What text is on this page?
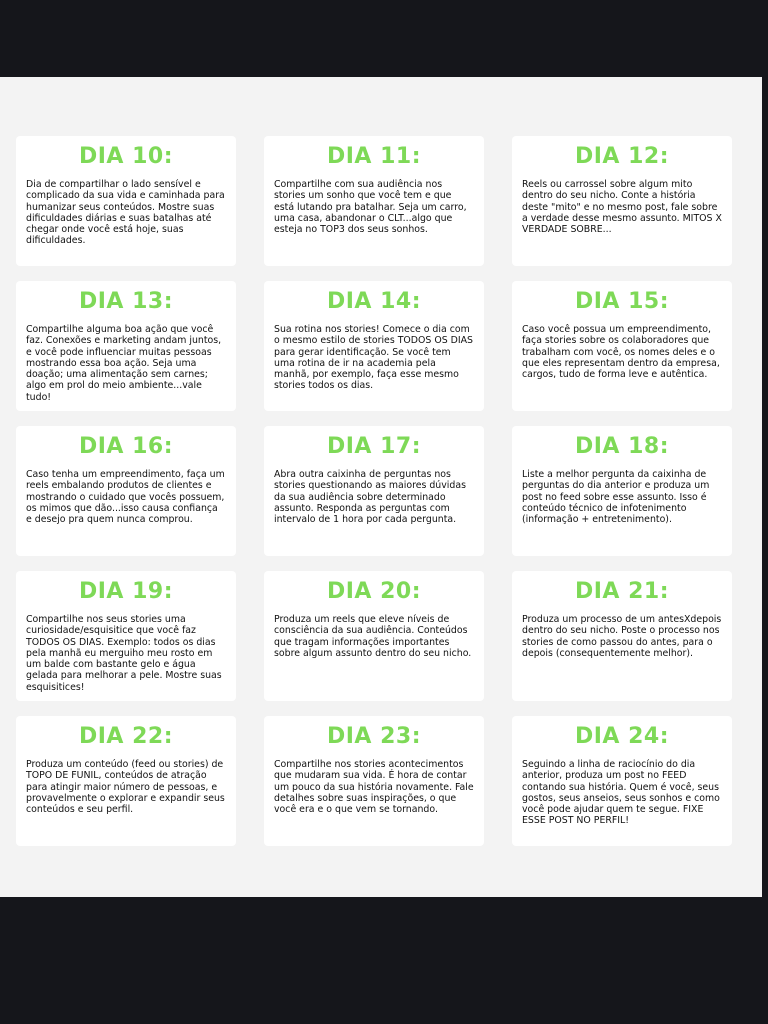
DIA 10:

Dia de compartilhar o lado sensível e complicado da sua vida e caminhada para humanizar seus conteúdos. Mostre suas dificuldades diárias e suas batalhas até chegar onde você está hoje, suas dificuldades.

DIA 11:

Compartilhe com sua audiência nos stories um sonho que você tem e que está lutando pra batalhar. Seja um carro, uma casa, abandonar o CLT...algo que esteja no TOP3 dos seus sonhos.

DIA 12:

Reels ou carrossel sobre algum mito dentro do seu nicho. Conte a história deste "mito" e no mesmo post, fale sobre a verdade desse mesmo assunto. MITOS X VERDADE SOBRE...

DIA 13:

Compartilhe alguma boa ação que você faz. Conexões e marketing andam juntos, e você pode influenciar muitas pessoas mostrando essa boa ação. Seja uma doação; uma alimentação sem carnes; algo em prol do meio ambiente...vale tudo!

DIA 14:

Sua rotina nos stories! Comece o dia com o mesmo estilo de stories TODOS OS DIAS para gerar identificação. Se você tem uma rotina de ir na academia pela manhã, por exemplo, faça esse mesmo stories todos os dias.

DIA 15:

Caso você possua um empreendimento, faça stories sobre os colaboradores que trabalham com você, os nomes deles e o que eles representam dentro da empresa, cargos, tudo de forma leve e autêntica.

DIA 16:

Caso tenha um empreendimento, faça um reels embalando produtos de clientes e mostrando o cuidado que vocês possuem, os mimos que dão...isso causa confiança e desejo pra quem nunca comprou.

DIA 17:

Abra outra caixinha de perguntas nos stories questionando as maiores dúvidas da sua audiência sobre determinado assunto. Responda as perguntas com intervalo de 1 hora por cada pergunta.

DIA 18:

Liste a melhor pergunta da caixinha de perguntas do dia anterior e produza um post no feed sobre esse assunto. Isso é conteúdo técnico de infotenimento (informação + entretenimento).

DIA 19:

Compartilhe nos seus stories uma curiosidade/esquisitice que você faz TODOS OS DIAS. Exemplo: todos os dias pela manhã eu merguiho meu rosto em um balde com bastante gelo e água gelada para melhorar a pele. Mostre suas esquisitices!

DIA 20:

Produza um reels que eleve níveis de consciência da sua audiência. Conteúdos que tragam informações importantes sobre algum assunto dentro do seu nicho.

DIA 21:

Produza um processo de um antesXdepois dentro do seu nicho. Poste o processo nos stories de como passou do antes, para o depois (consequentemente melhor).

DIA 22:

Produza um conteúdo (feed ou stories) de TOPO DE FUNIL, conteúdos de atração para atingir maior número de pessoas, e provavelmente o explorar e expandir seus conteúdos e seu perfil.

DIA 23:

Compartilhe nos stories acontecimentos que mudaram sua vida. É hora de contar um pouco da sua história novamente. Fale detalhes sobre suas inspirações, o que você era e o que vem se tornando.

DIA 24:

Seguindo a linha de raciocínio do dia anterior, produza um post no FEED contando sua história. Quem é você, seus gostos, seus anseios, seus sonhos e como você pode ajudar quem te segue. FIXE ESSE POST NO PERFIL!
